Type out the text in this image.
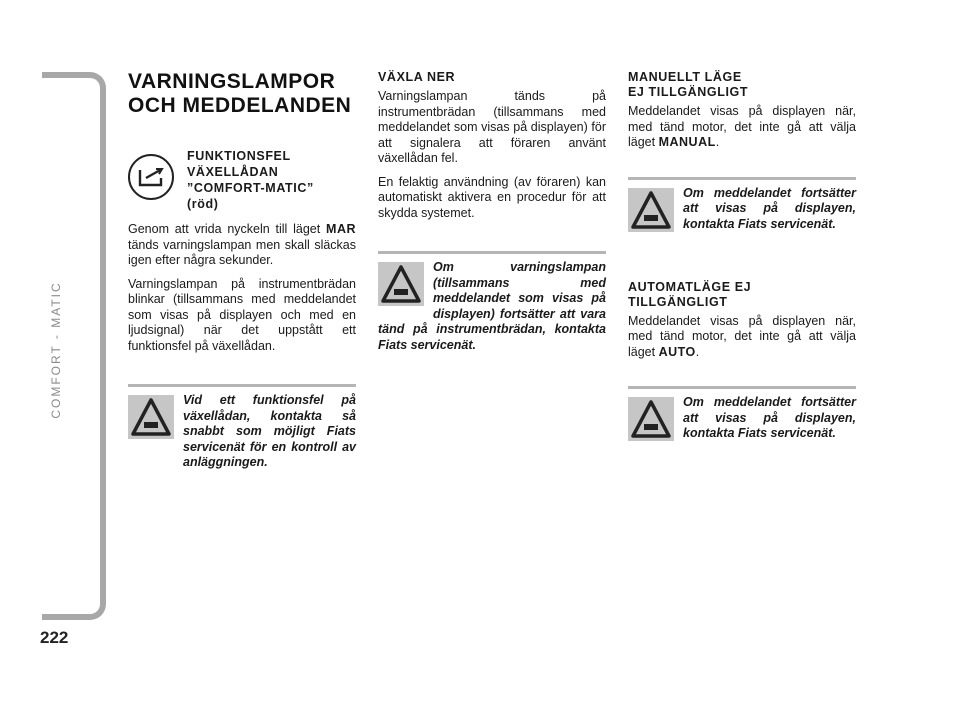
COMFORT - MATIC
222
VARNINGSLAMPOR
OCH MEDDELANDEN
FUNKTIONSFEL
VÄXELLÅDAN
”COMFORT-MATIC”
(röd)

Genom att vrida nyckeln till läget MAR tänds varningslampan men skall släckas igen efter några sekunder.

Varningslampan på instrumentbrädan blinkar (tillsammans med meddelandet som visas på displayen och med en ljudsignal) när det uppstått ett funktionsfel på växellådan.

Vid ett funktionsfel på växellådan, kontakta så snabbt som möjligt Fiats servicenät för en kontroll av anläggningen.
VÄXLA NER

Varningslampan tänds på instrumentbrädan (tillsammans med meddelandet som visas på displayen) för att signalera att föraren använt växellådan fel.

En felaktig användning (av föraren) kan automatiskt aktivera en procedur för att skydda systemet.

Om varningslampan (tillsammans med meddelandet som visas på displayen) fortsätter att vara tänd på instrumentbrädan, kontakta Fiats servicenät.
MANUELLT LÄGE
EJ TILLGÄNGLIGT

Meddelandet visas på displayen när, med tänd motor, det inte gå att välja läget MANUAL.

Om meddelandet fortsätter att visas på displayen, kontakta Fiats servicenät.
AUTOMATLÄGE EJ
TILLGÄNGLIGT

Meddelandet visas på displayen när, med tänd motor, det inte gå att välja läget AUTO.

Om meddelandet fortsätter att visas på displayen, kontakta Fiats servicenät.
